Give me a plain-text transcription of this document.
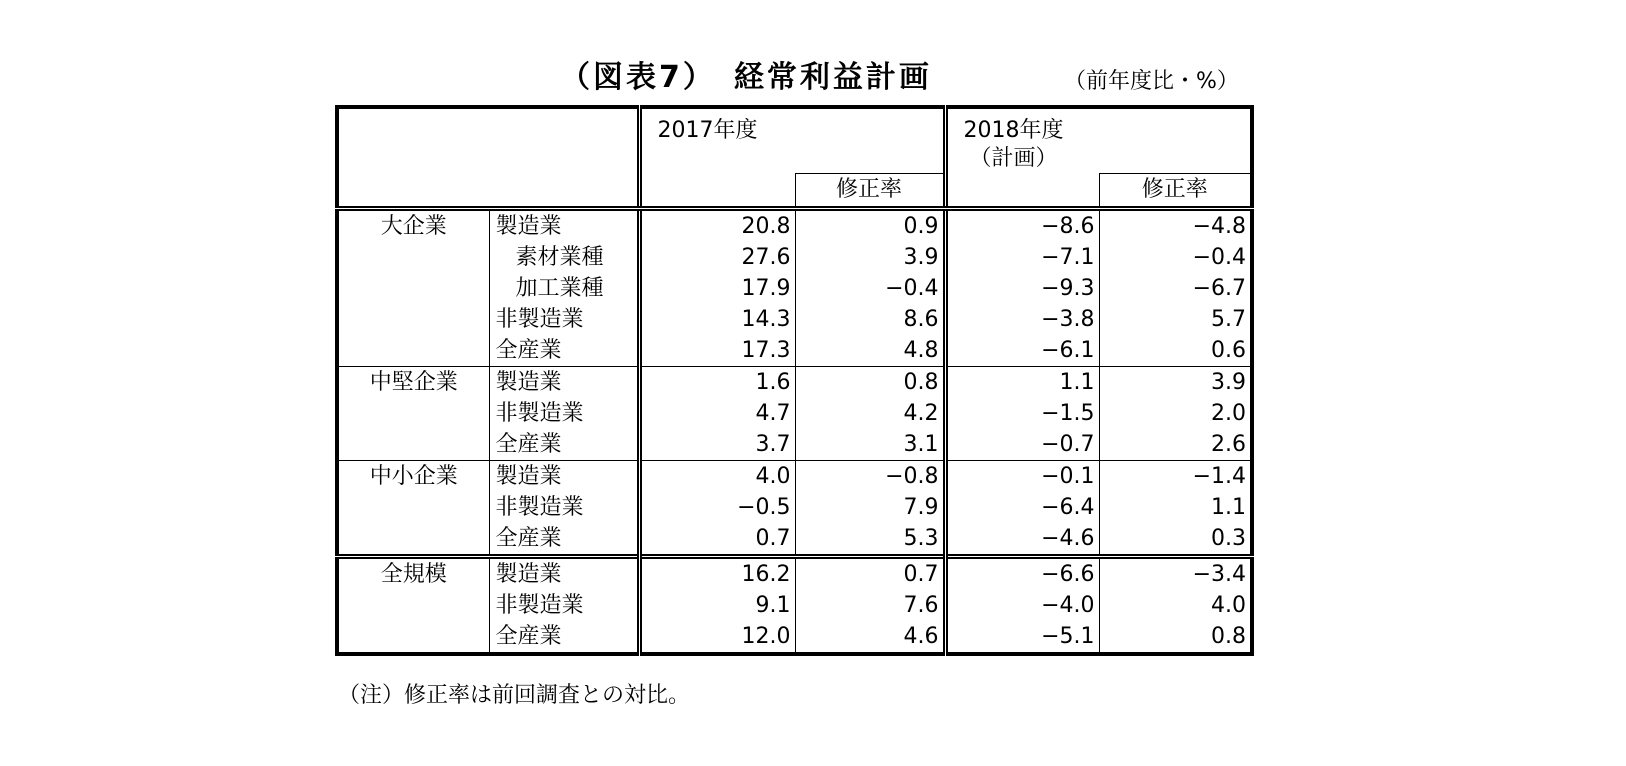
（図表7）　経常利益計画	（前年度比・%）
		2017年度		2018年度
（計画）	

			修正率		修正率
大企業	製造業	20.8	0.9	−8.6	−4.8
	素材業種	27.6	3.9	−7.1	−0.4
	加工業種	17.9	−0.4	−9.3	−6.7
	非製造業	14.3	8.6	−3.8	5.7
	全産業	17.3	4.8	−6.1	0.6
中堅企業	製造業	1.6	0.8	1.1	3.9
	非製造業	4.7	4.2	−1.5	2.0
	全産業	3.7	3.1	−0.7	2.6
中小企業	製造業	4.0	−0.8	−0.1	−1.4
	非製造業	−0.5	7.9	−6.4	1.1
	全産業	0.7	5.3	−4.6	0.3
全規模	製造業	16.2	0.7	−6.6	−3.4
	非製造業	9.1	7.6	−4.0	4.0
	全産業	12.0	4.6	−5.1	0.8
（注）修正率は前回調査との対比。
